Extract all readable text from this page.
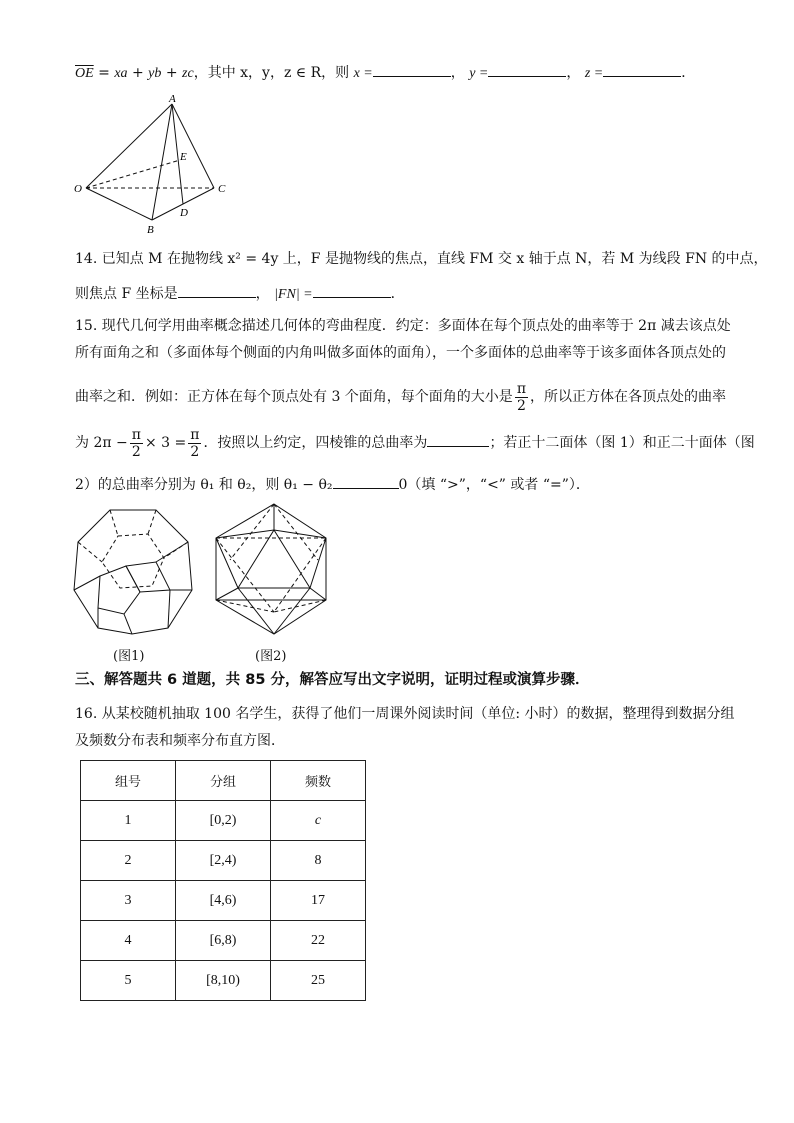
$\overline{OE}$ = xa + yb + zc，其中 x，y，z ∈ R，则 x =	， y =	， z =	．
A
E
O	C
D
B
14. 已知点 M 在抛物线 x² = 4y 上，F 是抛物线的焦点，直线 FM 交 x 轴于点 N，若 M 为线段 FN 的中点，
则焦点 F 坐标是	， |FN| =	．
15. 现代几何学用曲率概念描述几何体的弯曲程度．约定：多面体在每个顶点处的曲率等于 2π 减去该点处
所有面角之和（多面体每个侧面的内角叫做多面体的面角），一个多面体的总曲率等于该多面体各顶点处的
曲率之和．例如：正方体在每个顶点处有 3 个面角，每个面角的大小是 $\frac{\pi}{2}$ ，所以正方体在各顶点处的曲率
为 $2\pi - \frac{\pi}{2} \times 3 = \frac{\pi}{2}$ ．按照以上约定，四棱锥的总曲率为	；若正十二面体（图 1）和正二十面体（图
2）的总曲率分别为 θ₁ 和 θ₂，则 θ₁ − θ₂	0（填 “>”，“<” 或者 “=”）．
(图1)	(图2)
三、解答题共 6 道题，共 85 分，解答应写出文字说明，证明过程或演算步骤．
16. 从某校随机抽取 100 名学生，获得了他们一周课外阅读时间（单位: 小时）的数据，整理得到数据分组
及频数分布表和频率分布直方图．
组号	分组	频数
1	[0,2)	c
2	[2,4)	8
3	[4,6)	17
4	[6,8)	22
5	[8,10)	25
